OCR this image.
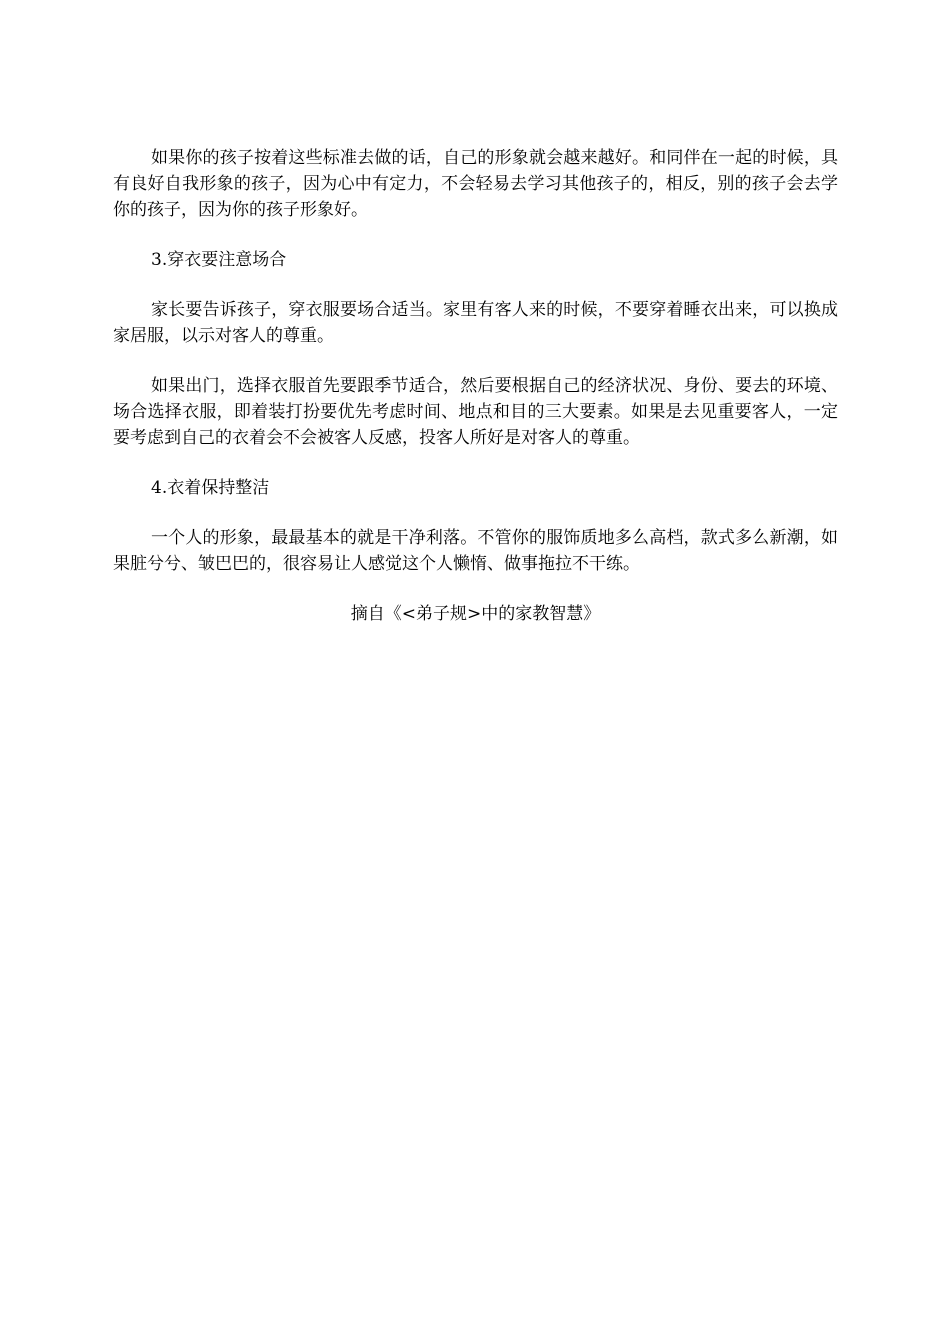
如果你的孩子按着这些标准去做的话，自己的形象就会越来越好。和同伴在一起的时候，具有良好自我形象的孩子，因为心中有定力，不会轻易去学习其他孩子的，相反，别的孩子会去学你的孩子，因为你的孩子形象好。

3.穿衣要注意场合

家长要告诉孩子，穿衣服要场合适当。家里有客人来的时候，不要穿着睡衣出来，可以换成家居服，以示对客人的尊重。

如果出门，选择衣服首先要跟季节适合，然后要根据自己的经济状况、身份、要去的环境、场合选择衣服，即着装打扮要优先考虑时间、地点和目的三大要素。如果是去见重要客人，一定要考虑到自己的衣着会不会被客人反感，投客人所好是对客人的尊重。

4.衣着保持整洁

一个人的形象，最最基本的就是干净利落。不管你的服饰质地多么高档，款式多么新潮，如果脏兮兮、皱巴巴的，很容易让人感觉这个人懒惰、做事拖拉不干练。

摘自《<弟子规>中的家教智慧》
